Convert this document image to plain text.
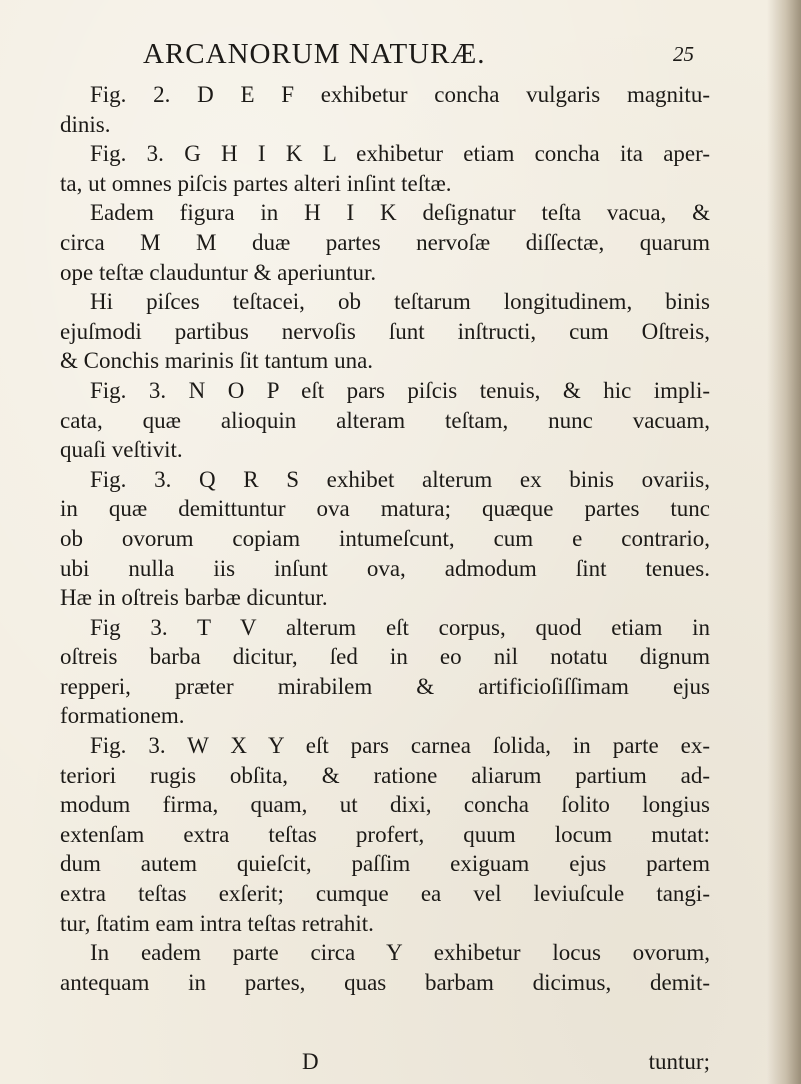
ARCANORUM NATURÆ.	25
Fig. 2. D E F exhibetur concha vulgaris magnitu-
dinis.
Fig. 3. G H I K L exhibetur etiam concha ita aper-
ta, ut omnes piſcis partes alteri inſint teſtæ.
Eadem figura in H I K deſignatur teſta vacua, &
circa M M duæ partes nervoſæ diſſectæ, quarum
ope teſtæ clauduntur & aperiuntur.
Hi piſces teſtacei, ob teſtarum longitudinem, binis
ejuſmodi partibus nervoſis ſunt inſtructi, cum Oſtreis,
& Conchis marinis ſit tantum una.
Fig. 3. N O P eſt pars piſcis tenuis, & hic impli-
cata, quæ alioquin alteram teſtam, nunc vacuam,
quaſi veſtivit.
Fig. 3. Q R S exhibet alterum ex binis ovariis,
in quæ demittuntur ova matura; quæque partes tunc
ob ovorum copiam intumeſcunt, cum e contrario,
ubi nulla iis inſunt ova, admodum ſint tenues.
Hæ in oſtreis barbæ dicuntur.
Fig 3. T V alterum eſt corpus, quod etiam in
oſtreis barba dicitur, ſed in eo nil notatu dignum
repperi, præter mirabilem & artificioſiſſimam ejus
formationem.
Fig. 3. W X Y eſt pars carnea ſolida, in parte ex-
teriori rugis obſita, & ratione aliarum partium ad-
modum firma, quam, ut dixi, concha ſolito longius
extenſam extra teſtas profert, quum locum mutat:
dum autem quieſcit, paſſim exiguam ejus partem
extra teſtas exſerit; cumque ea vel leviuſcule tangi-
tur, ſtatim eam intra teſtas retrahit.
In eadem parte circa Y exhibetur locus ovorum,
antequam in partes, quas barbam dicimus, demit-
D	tuntur;
